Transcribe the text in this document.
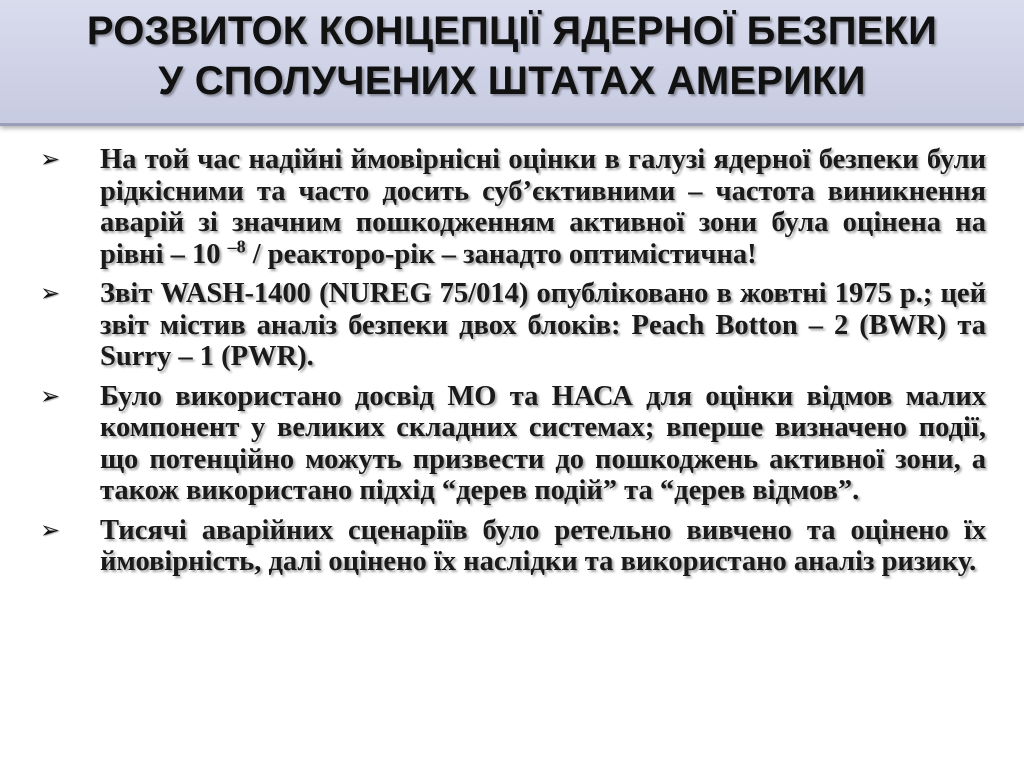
РОЗВИТОК КОНЦЕПЦІЇ ЯДЕРНОЇ БЕЗПЕКИ
У СПОЛУЧЕНИХ ШТАТАХ АМЕРИКИ
➢	На той час надійні ймовірнісні оцінки в галузі ядерної безпеки були рідкісними та часто досить суб’єктивними – частота виникнення аварій зі значним пошкодженням активної зони була оцінена на рівні – 10 $^{-8}$ / реакторо-рік – занадто оптимістична!
➢	Звіт WASH-1400 (NUREG 75/014) опубліковано в жовтні 1975 р.; цей звіт містив аналіз безпеки двох блоків: Peach Botton – 2 (BWR) та Surry – 1 (PWR).
➢	Було використано досвід МО та НАСА для оцінки відмов малих компонент у великих складних системах; вперше визначено події, що потенційно можуть призвести до пошкоджень активної зони, а також використано підхід “дерев подій” та “дерев відмов”.
➢	Тисячі аварійних сценаріїв було ретельно вивчено та оцінено їх ймовірність, далі оцінено їх наслідки та використано аналіз ризику.
